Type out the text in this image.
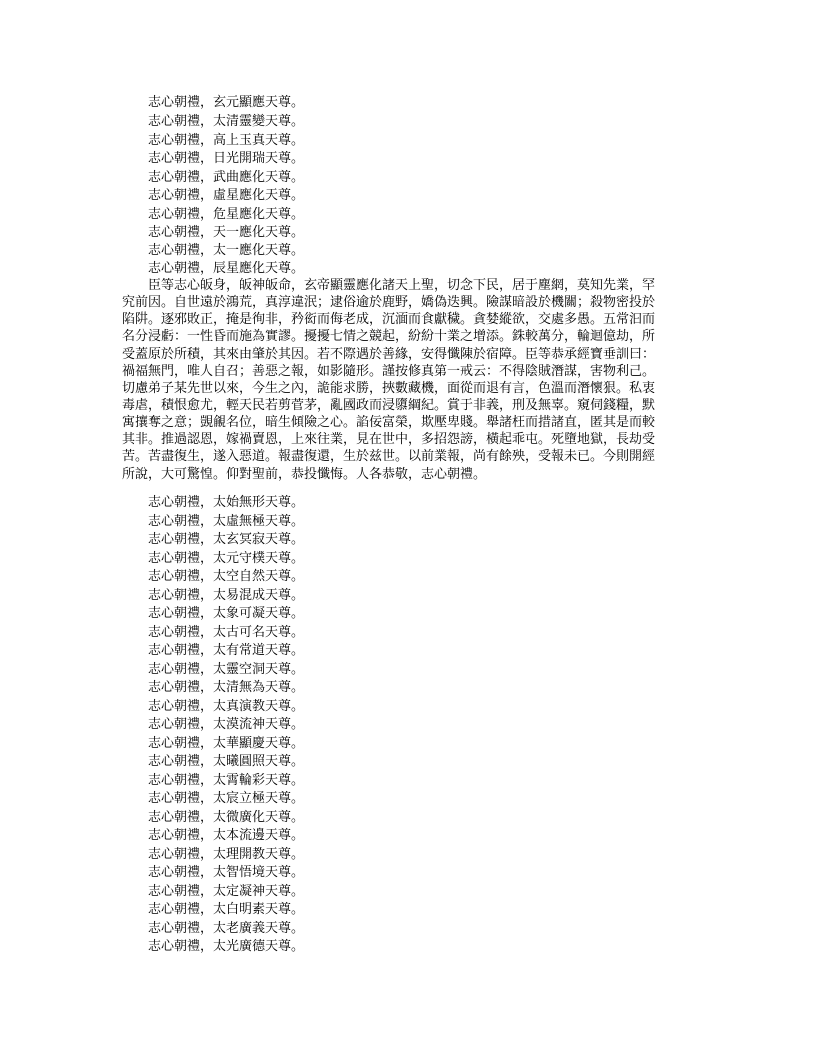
志心朝禮，玄元顯應天尊。
志心朝禮，太清靈變天尊。
志心朝禮，高上玉真天尊。
志心朝禮，日光開瑞天尊。
志心朝禮，武曲應化天尊。
志心朝禮，虛星應化天尊。
志心朝禮，危星應化天尊。
志心朝禮，天一應化天尊。
志心朝禮，太一應化天尊。
志心朝禮，辰星應化天尊。
臣等志心皈身，皈神皈命，玄帝顯靈應化諸天上聖，切念下民，居于塵網，莫知先業，罕
究前因。自世遠於鴻荒，真淳違泯；逮俗逾於鹿野，嬌偽迭興。險謀暗設於機關；殺物密投於
陷阱。逐邪敗正，掩是徇非，矜衒而侮老成，沉湎而食獻穢。貪婪縱欲，交處多愚。五常汩而
名分浸虧：一性昏而施為實謬。擾擾七情之競起，紛紛十業之增添。銖較萬分，輪迴億劫，所
受蓋原於所積，其來由肇於其因。若不際遇於善緣，安得懺陳於宿障。臣等恭承經寶垂訓曰：
禍福無門，唯人自召；善惡之報，如影隨形。謹按修真第一戒云：不得陰賊潛謀，害物利己。
切慮弟子某先世以來，今生之內，詭能求勝，挾數藏機，面從而退有言，色溫而潛懷狠。私衷
毒虐，積恨愈尤，輕天民若剪菅茅，亂國政而浸隳綱紀。賞于非義，刑及無辜。窺伺錢糧，默
寓攘奪之意；覬覦名位，暗生傾險之心。諂佞富榮，欺壓卑賤。舉諸枉而措諸直，匿其是而較
其非。推過認恩，嫁禍賣恩，上來往業，見在世中，多招怨謗，橫起乖屯。死墮地獄，長劫受
苦。苦盡復生，遂入惡道。報盡復還，生於兹世。以前業報，尚有餘殃，受報未已。今則開經
所說，大可驚惶。仰對聖前，恭投懺悔。人各恭敬，志心朝禮。
志心朝禮，太始無形天尊。
志心朝禮，太虛無極天尊。
志心朝禮，太玄冥寂天尊。
志心朝禮，太元守樸天尊。
志心朝禮，太空自然天尊。
志心朝禮，太易混成天尊。
志心朝禮，太象可凝天尊。
志心朝禮，太古可名天尊。
志心朝禮，太有常道天尊。
志心朝禮，太靈空洞天尊。
志心朝禮，太清無為天尊。
志心朝禮，太真演教天尊。
志心朝禮，太漠流神天尊。
志心朝禮，太華顯慶天尊。
志心朝禮，太曦圓照天尊。
志心朝禮，太霄輪彩天尊。
志心朝禮，太宸立極天尊。
志心朝禮，太微廣化天尊。
志心朝禮，太本流邊天尊。
志心朝禮，太理開教天尊。
志心朝禮，太智悟境天尊。
志心朝禮，太定凝神天尊。
志心朝禮，太白明素天尊。
志心朝禮，太老廣義天尊。
志心朝禮，太光廣德天尊。
